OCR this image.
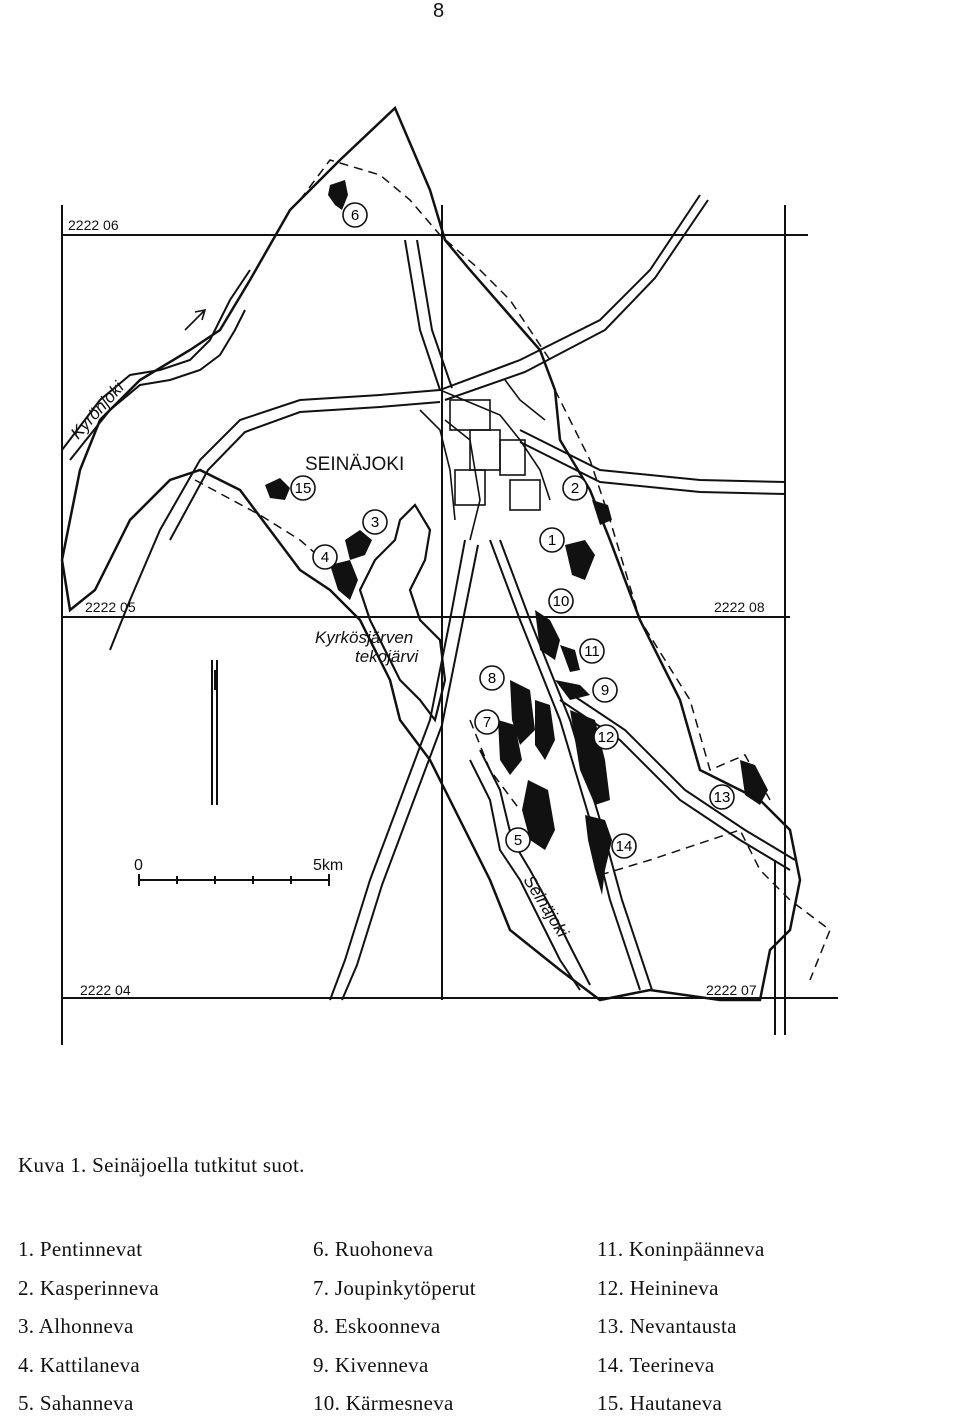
8
6
15
3
4
2
1
10
11
9
8
7
12
13
5	14
2222 06
2222 05	2222 08
2222 04	2222 07
SEINÄJOKI
Kyrönjoki
Seinäjoki
Kyrkösjärven
tekojärvi
0	5km
Kuva 1. Seinäjoella tutkitut suot.
1. Pentinnevat
2. Kasperinneva
3. Alhonneva
4. Kattilaneva
5. Sahanneva
6. Ruohoneva
7. Joupinkytöperut
8. Eskoonneva
9. Kivenneva
10. Kärmesneva
11. Koninpäänneva
12. Heinineva
13. Nevantausta
14. Teerineva
15. Hautaneva
